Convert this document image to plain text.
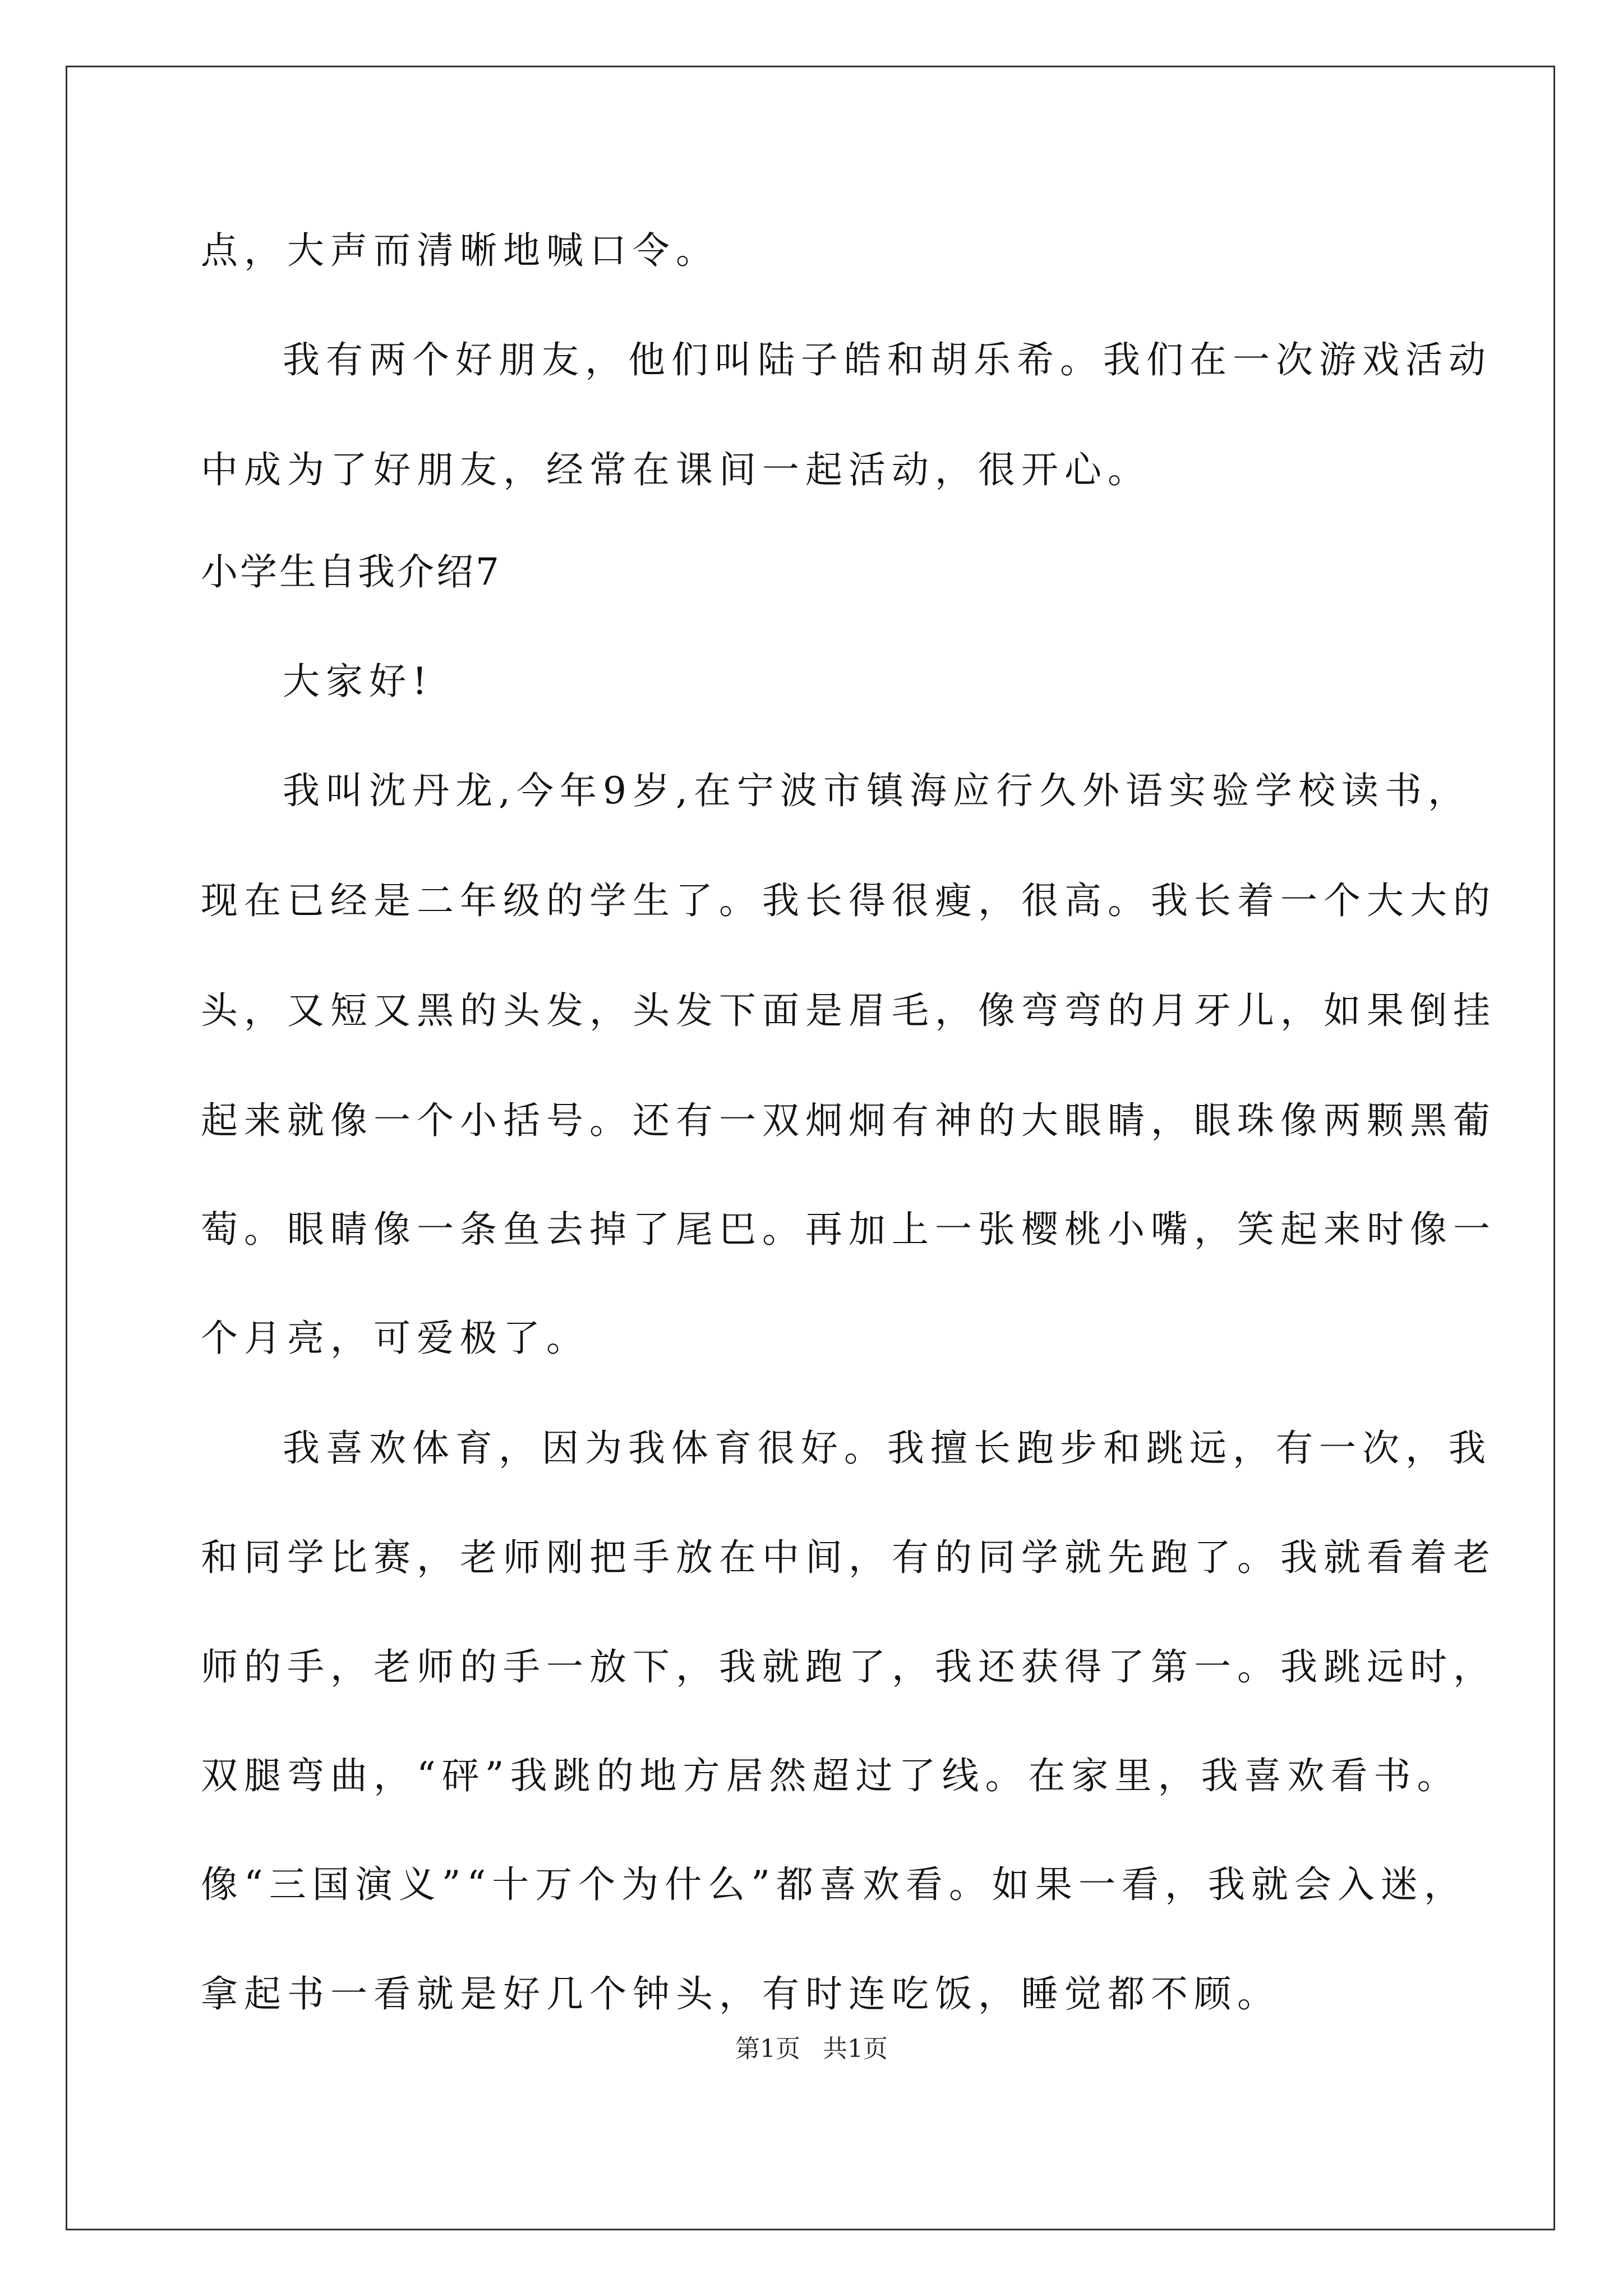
点，大声而清晰地喊口令。
我有两个好朋友，他们叫陆子皓和胡乐希。我们在一次游戏活动
中成为了好朋友，经常在课间一起活动，很开心。
小学生自我介绍7
大家好!
我叫沈丹龙,今年9岁,在宁波市镇海应行久外语实验学校读书，
现在已经是二年级的学生了。我长得很瘦，很高。我长着一个大大的
头，又短又黑的头发，头发下面是眉毛，像弯弯的月牙儿，如果倒挂
起来就像一个小括号。还有一双炯炯有神的大眼睛，眼珠像两颗黑葡
萄。眼睛像一条鱼去掉了尾巴。再加上一张樱桃小嘴，笑起来时像一
个月亮，可爱极了。
我喜欢体育，因为我体育很好。我擅长跑步和跳远，有一次，我
和同学比赛，老师刚把手放在中间，有的同学就先跑了。我就看着老
师的手，老师的手一放下，我就跑了，我还获得了第一。我跳远时，
双腿弯曲，“砰”我跳的地方居然超过了线。在家里，我喜欢看书。
像“三国演义”“十万个为什么”都喜欢看。如果一看，我就会入迷，
拿起书一看就是好几个钟头，有时连吃饭，睡觉都不顾。
第1页 共1页
